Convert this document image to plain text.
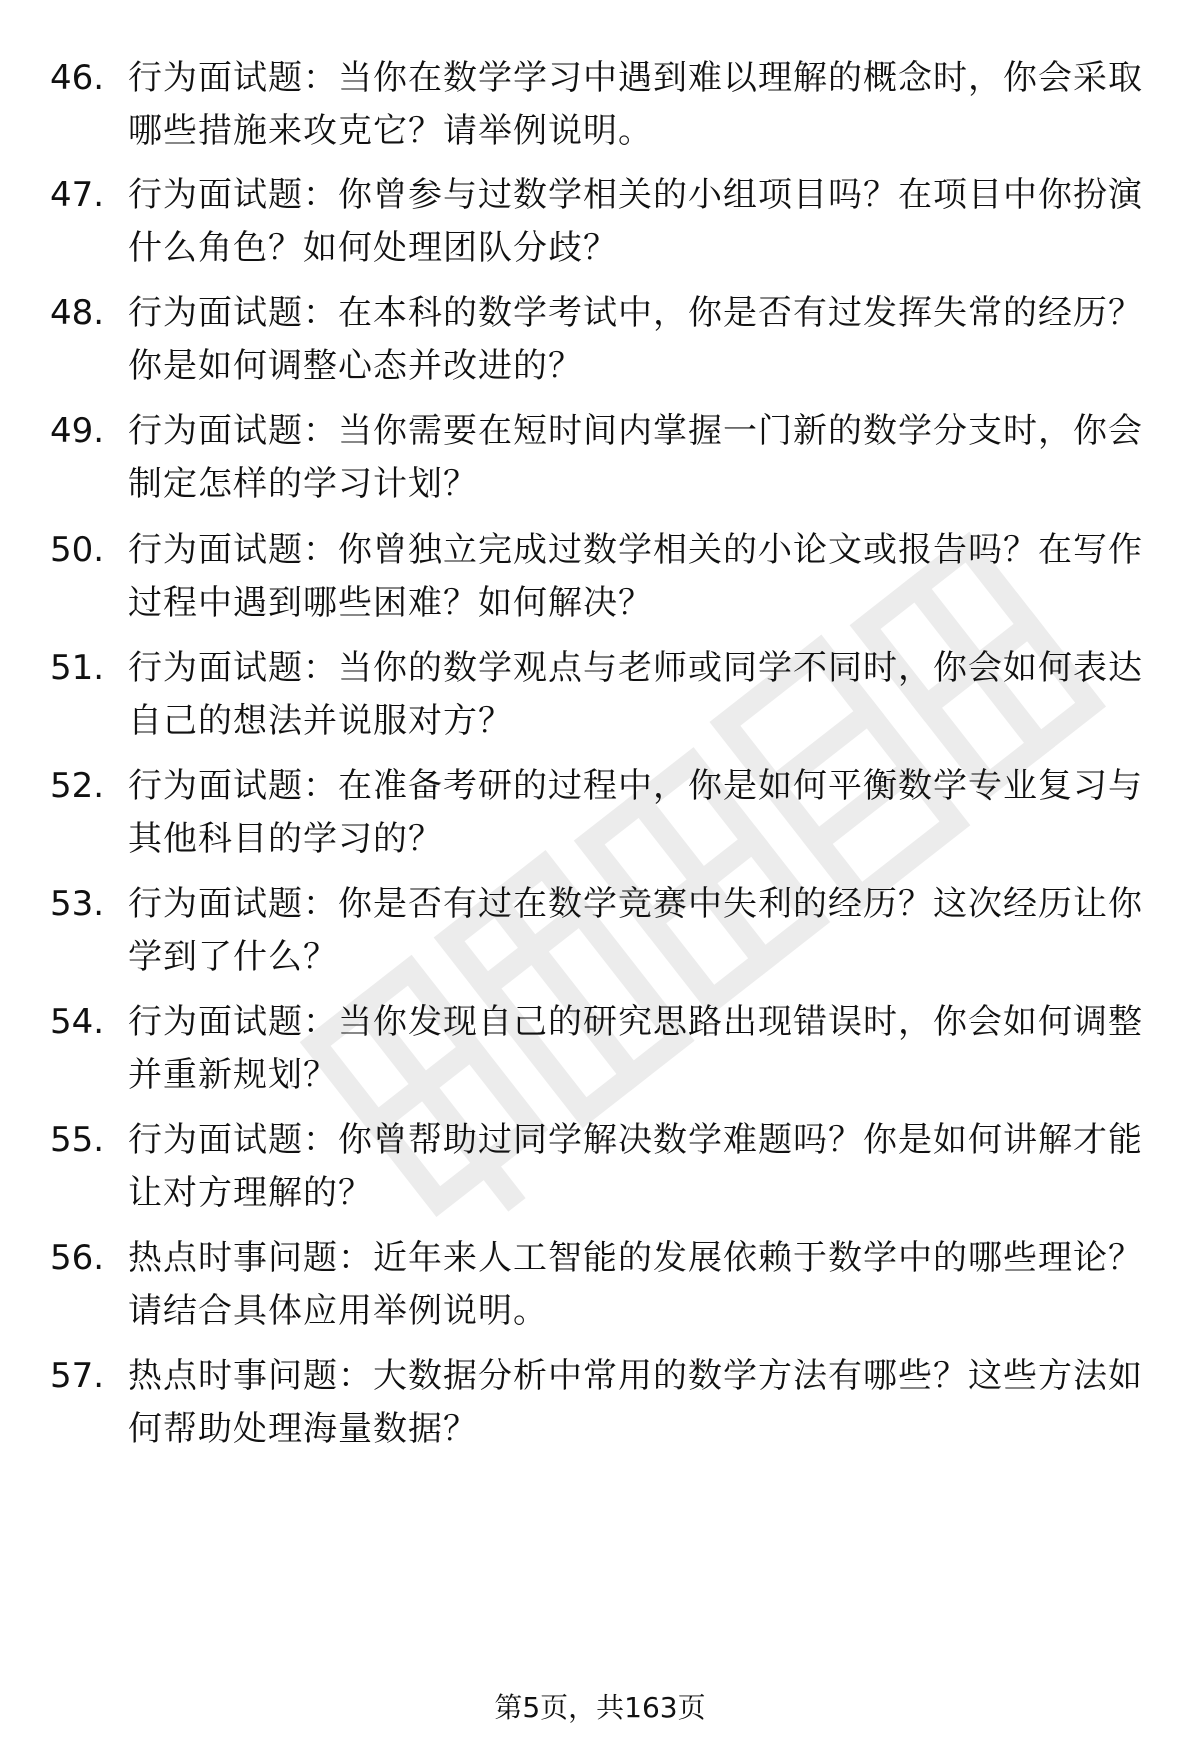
46. 行为面试题：当你在数学学习中遇到难以理解的概念时，你会采取哪些措施来攻克它？请举例说明。
47. 行为面试题：你曾参与过数学相关的小组项目吗？在项目中你扮演什么角色？如何处理团队分歧？
48. 行为面试题：在本科的数学考试中，你是否有过发挥失常的经历？你是如何调整心态并改进的？
49. 行为面试题：当你需要在短时间内掌握一门新的数学分支时，你会制定怎样的学习计划？
50. 行为面试题：你曾独立完成过数学相关的小论文或报告吗？在写作过程中遇到哪些困难？如何解决？
51. 行为面试题：当你的数学观点与老师或同学不同时，你会如何表达自己的想法并说服对方？
52. 行为面试题：在准备考研的过程中，你是如何平衡数学专业复习与其他科目的学习的？
53. 行为面试题：你是否有过在数学竞赛中失利的经历？这次经历让你学到了什么？
54. 行为面试题：当你发现自己的研究思路出现错误时，你会如何调整并重新规划？
55. 行为面试题：你曾帮助过同学解决数学难题吗？你是如何讲解才能让对方理解的？
56. 热点时事问题：近年来人工智能的发展依赖于数学中的哪些理论？请结合具体应用举例说明。
57. 热点时事问题：大数据分析中常用的数学方法有哪些？这些方法如何帮助处理海量数据？
第5页，共163页
